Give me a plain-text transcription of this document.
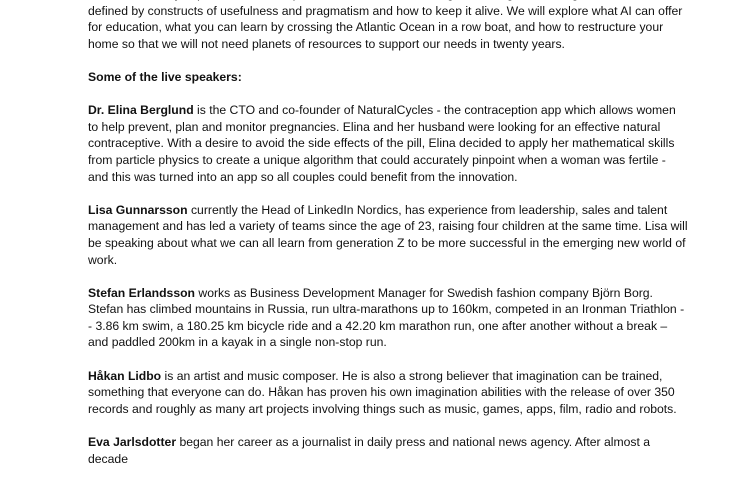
defined by constructs of usefulness and pragmatism and how to keep it alive. We will explore what AI can offer for education, what you can learn by crossing the Atlantic Ocean in a row boat, and how to restructure your home so that we will not need planets of resources to support our needs in twenty years.

Some of the live speakers:

Dr. Elina Berglund is the CTO and co-founder of NaturalCycles - the contraception app which allows women to help prevent, plan and monitor pregnancies. Elina and her husband were looking for an effective natural contraceptive. With a desire to avoid the side effects of the pill, Elina decided to apply her mathematical skills from particle physics to create a unique algorithm that could accurately pinpoint when a woman was fertile - and this was turned into an app so all couples could benefit from the innovation.

Lisa Gunnarsson currently the Head of LinkedIn Nordics, has experience from leadership, sales and talent management and has led a variety of teams since the age of 23, raising four children at the same time. Lisa will be speaking about what we can all learn from generation Z to be more successful in the emerging new world of work.

Stefan Erlandsson works as Business Development Manager for Swedish fashion company Björn Borg. Stefan has climbed mountains in Russia, run ultra-marathons up to 160km, competed in an Ironman Triathlon -- 3.86 km swim, a 180.25 km bicycle ride and a 42.20 km marathon run, one after another without a break – and paddled 200km in a kayak in a single non-stop run.

Håkan Lidbo is an artist and music composer. He is also a strong believer that imagination can be trained, something that everyone can do. Håkan has proven his own imagination abilities with the release of over 350 records and roughly as many art projects involving things such as music, games, apps, film, radio and robots.

Eva Jarlsdotter began her career as a journalist in daily press and national news agency. After almost a decade
